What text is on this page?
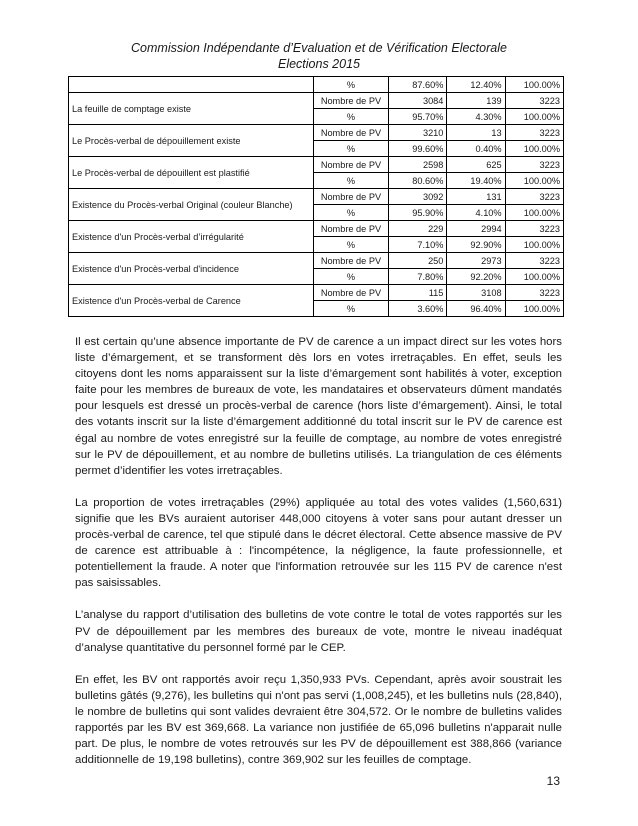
Commission Indépendante d’Evaluation et de Vérification Electorale
Elections 2015
	%	87.60%	12.40%	100.00%
La feuille de comptage existe	Nombre de PV	3084	139	3223
	%	95.70%	4.30%	100.00%
Le Procès-verbal de dépouillement existe	Nombre de PV	3210	13	3223
	%	99.60%	0.40%	100.00%
Le Procès-verbal de dépouillent est plastifié	Nombre de PV	2598	625	3223
	%	80.60%	19.40%	100.00%
Existence du Procès-verbal Original (couleur Blanche)	Nombre de PV	3092	131	3223
	%	95.90%	4.10%	100.00%
Existence d'un Procès-verbal d’irrégularité	Nombre de PV	229	2994	3223
	%	7.10%	92.90%	100.00%
Existence d'un Procès-verbal d'incidence	Nombre de PV	250	2973	3223
	%	7.80%	92.20%	100.00%
Existence d'un Procès-verbal de Carence	Nombre de PV	115	3108	3223
	%	3.60%	96.40%	100.00%

Il est certain qu’une absence importante de PV de carence a un impact direct sur les votes hors liste d’émargement, et se transforment dès lors en votes irretraçables. En effet, seuls les citoyens dont les noms apparaissent sur la liste d’émargement sont habilités à voter, exception faite pour les membres de bureaux de vote, les mandataires et observateurs dûment mandatés pour lesquels est dressé un procès-verbal de carence (hors liste d’émargement). Ainsi, le total des votants inscrit sur la liste d’émargement additionné du total inscrit sur le PV de carence est égal au nombre de votes enregistré sur la feuille de comptage, au nombre de votes enregistré sur le PV de dépouillement, et au nombre de bulletins utilisés. La triangulation de ces éléments permet d’identifier les votes irretraçables.

La proportion de votes irretraçables (29%) appliquée au total des votes valides (1,560,631) signifie que les BVs auraient autoriser 448,000 citoyens à voter sans pour autant dresser un procès-verbal de carence, tel que stipulé dans le décret électoral. Cette absence massive de PV de carence est attribuable à : l'incompétence, la négligence, la faute professionnelle, et potentiellement la fraude. A noter que l'information retrouvée sur les 115 PV de carence n'est pas saisissables.

L’analyse du rapport d’utilisation des bulletins de vote contre le total de votes rapportés sur les PV de dépouillement par les membres des bureaux de vote, montre le niveau inadéquat d’analyse quantitative du personnel formé par le CEP.

En effet, les BV ont rapportés avoir reçu 1,350,933 PVs. Cependant, après avoir soustrait les bulletins gâtés (9,276), les bulletins qui n'ont pas servi (1,008,245), et les bulletins nuls (28,840), le nombre de bulletins qui sont valides devraient être 304,572. Or le nombre de bulletins valides rapportés par les BV est 369,668. La variance non justifiée de 65,096 bulletins n'apparait nulle part. De plus, le nombre de votes retrouvés sur les PV de dépouillement est 388,866 (variance additionnelle de 19,198 bulletins), contre 369,902 sur les feuilles de comptage.

13
